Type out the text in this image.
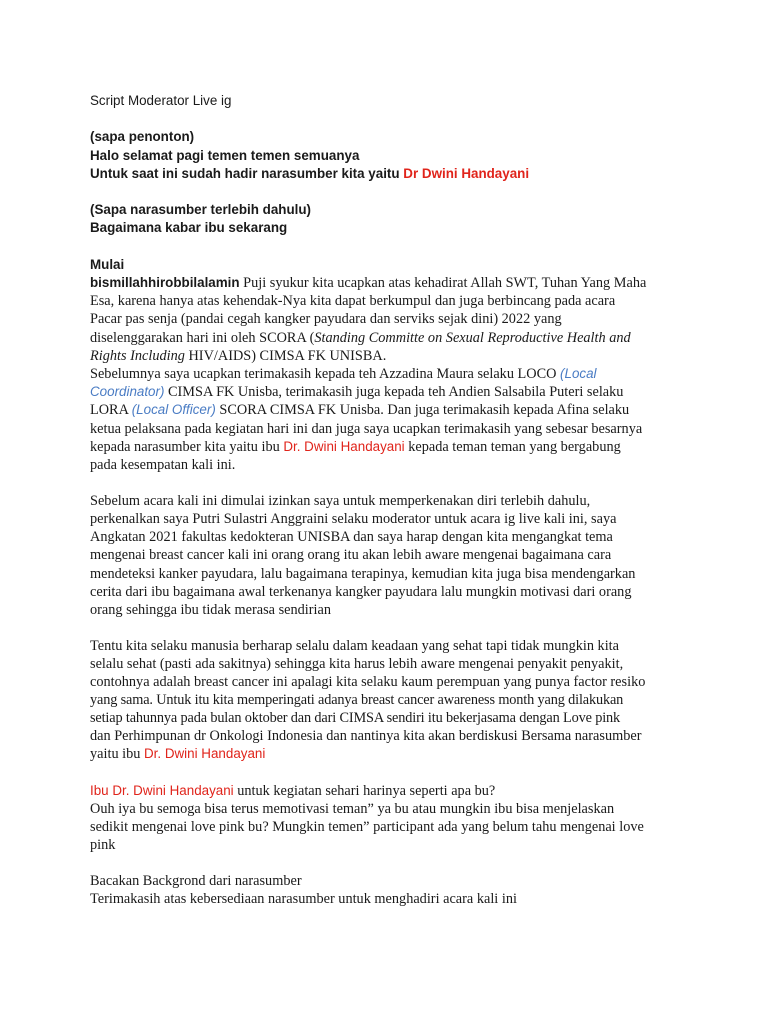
Script Moderator Live ig
(sapa penonton)
Halo selamat pagi temen temen semuanya
Untuk saat ini sudah hadir narasumber kita yaitu Dr Dwini Handayani
(Sapa narasumber terlebih dahulu)
Bagaimana kabar ibu sekarang
Mulai
bismillahhirobbilalamin Puji syukur kita ucapkan atas kehadirat Allah SWT, Tuhan Yang Maha
Esa, karena hanya atas kehendak-Nya kita dapat berkumpul dan juga berbincang pada acara
Pacar pas senja (pandai cegah kangker payudara dan serviks sejak dini) 2022 yang
diselenggarakan hari ini oleh SCORA (Standing Committe on Sexual Reproductive Health and
Rights Including HIV/AIDS) CIMSA FK UNISBA.
Sebelumnya saya ucapkan terimakasih kepada teh Azzadina Maura selaku LOCO (Local
Coordinator) CIMSA FK Unisba, terimakasih juga kepada teh Andien Salsabila Puteri selaku
LORA (Local Officer) SCORA CIMSA FK Unisba. Dan juga terimakasih kepada Afina selaku
ketua pelaksana pada kegiatan hari ini dan juga saya ucapkan terimakasih yang sebesar besarnya
kepada narasumber kita yaitu ibu Dr. Dwini Handayani kepada teman teman yang bergabung
pada kesempatan kali ini.
Sebelum acara kali ini dimulai izinkan saya untuk memperkenakan diri terlebih dahulu,
perkenalkan saya Putri Sulastri Anggraini selaku moderator untuk acara ig live kali ini, saya
Angkatan 2021 fakultas kedokteran UNISBA dan saya harap dengan kita mengangkat tema
mengenai breast cancer kali ini orang orang itu akan lebih aware mengenai bagaimana cara
mendeteksi kanker payudara, lalu bagaimana terapinya, kemudian kita juga bisa mendengarkan
cerita dari ibu bagaimana awal terkenanya kangker payudara lalu mungkin motivasi dari orang
orang sehingga ibu tidak merasa sendirian
Tentu kita selaku manusia berharap selalu dalam keadaan yang sehat tapi tidak mungkin kita
selalu sehat (pasti ada sakitnya) sehingga kita harus lebih aware mengenai penyakit penyakit,
contohnya adalah breast cancer ini apalagi kita selaku kaum perempuan yang punya factor resiko
yang sama. Untuk itu kita memperingati adanya breast cancer awareness month yang dilakukan
setiap tahunnya pada bulan oktober dan dari CIMSA sendiri itu bekerjasama dengan Love pink
dan Perhimpunan dr Onkologi Indonesia dan nantinya kita akan berdiskusi Bersama narasumber
yaitu ibu Dr. Dwini Handayani
Ibu Dr. Dwini Handayani untuk kegiatan sehari harinya seperti apa bu?
Ouh iya bu semoga bisa terus memotivasi teman” ya bu atau mungkin ibu bisa menjelaskan
sedikit mengenai love pink bu? Mungkin temen” participant ada yang belum tahu mengenai love
pink
Bacakan Backgrond dari narasumber
Terimakasih atas kebersediaan narasumber untuk menghadiri acara kali ini
